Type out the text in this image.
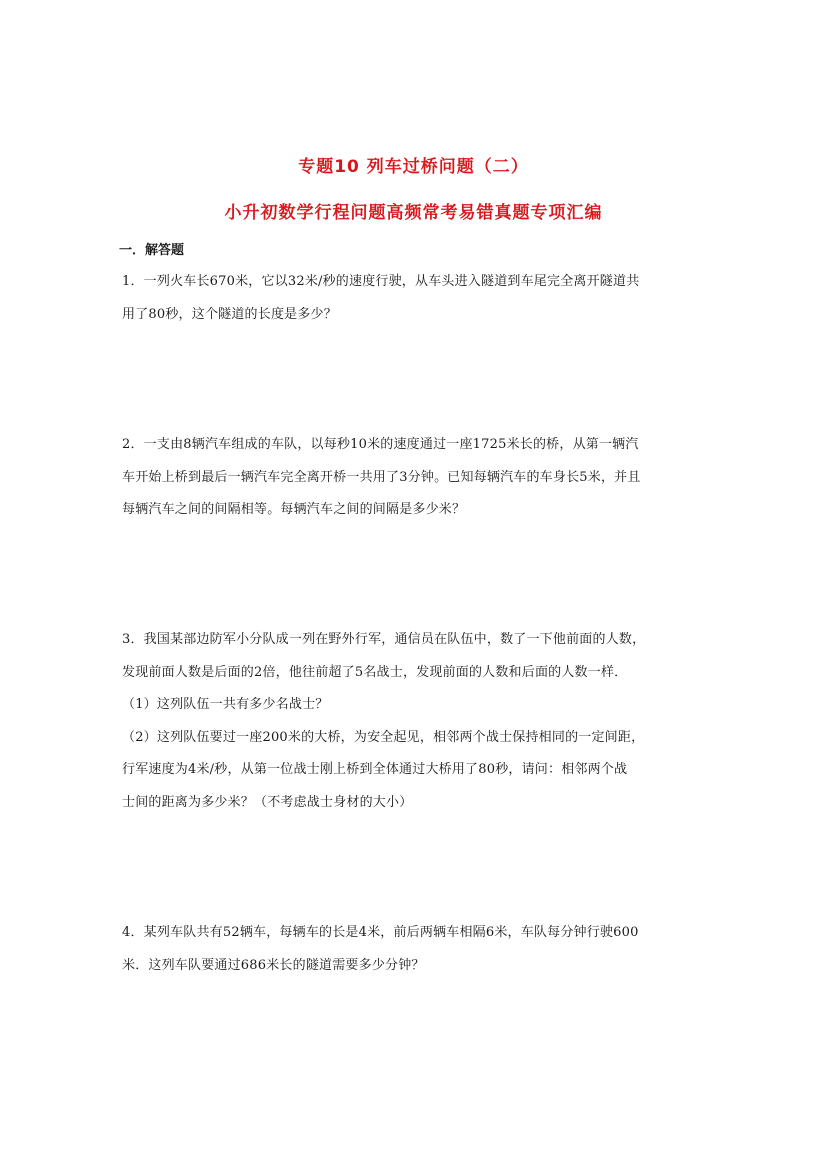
专题10 列车过桥问题（二）
小升初数学行程问题高频常考易错真题专项汇编
一．解答题
1．一列火车长670米，它以32米/秒的速度行驶，从车头进入隧道到车尾完全离开隧道共
用了80秒，这个隧道的长度是多少？
2．一支由8辆汽车组成的车队，以每秒10米的速度通过一座1725米长的桥，从第一辆汽
车开始上桥到最后一辆汽车完全离开桥一共用了3分钟。已知每辆汽车的车身长5米，并且
每辆汽车之间的间隔相等。每辆汽车之间的间隔是多少米？
3．我国某部边防军小分队成一列在野外行军，通信员在队伍中，数了一下他前面的人数，
发现前面人数是后面的2倍，他往前超了5名战士，发现前面的人数和后面的人数一样．
（1）这列队伍一共有多少名战士？
（2）这列队伍要过一座200米的大桥，为安全起见，相邻两个战士保持相同的一定间距，
行军速度为4米/秒，从第一位战士刚上桥到全体通过大桥用了80秒，请问：相邻两个战
士间的距离为多少米？（不考虑战士身材的大小）
4．某列车队共有52辆车，每辆车的长是4米，前后两辆车相隔6米，车队每分钟行驶600
米．这列车队要通过686米长的隧道需要多少分钟？
